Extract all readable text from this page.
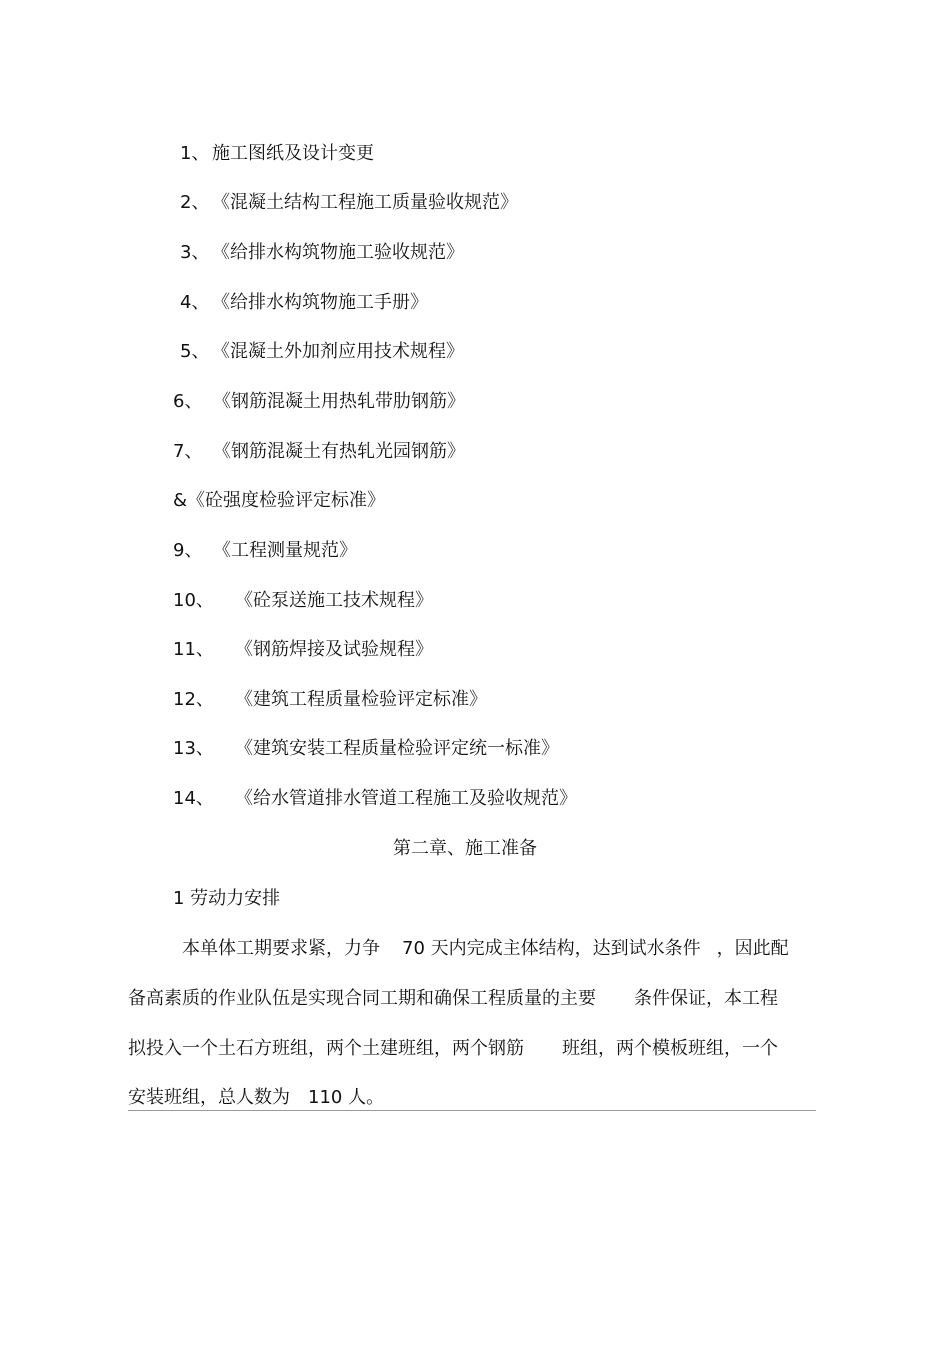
1、 施工图纸及设计变更
2、 《混凝土结构工程施工质量验收规范》
3、 《给排水构筑物施工验收规范》
4、 《给排水构筑物施工手册》
5、 《混凝土外加剂应用技术规程》
6、 《钢筋混凝土用热轧带肋钢筋》
7、 《钢筋混凝土有热轧光园钢筋》
&《砼强度检验评定标准》
9、 《工程测量规范》
10、 《砼泵送施工技术规程》
11、 《钢筋焊接及试验规程》
12、 《建筑工程质量检验评定标准》
13、 《建筑安装工程质量检验评定统一标准》
14、 《给水管道排水管道工程施工及验收规范》
第二章、施工准备
1 劳动力安排
本单体工期要求紧，力争 70 天内完成主体结构，达到试水条件 ，因此配
备高素质的作业队伍是实现合同工期和确保工程质量的主要 条件保证，本工程
拟投入一个土石方班组，两个土建班组，两个钢筋 班组，两个模板班组，一个
安装班组，总人数为　110 人。
